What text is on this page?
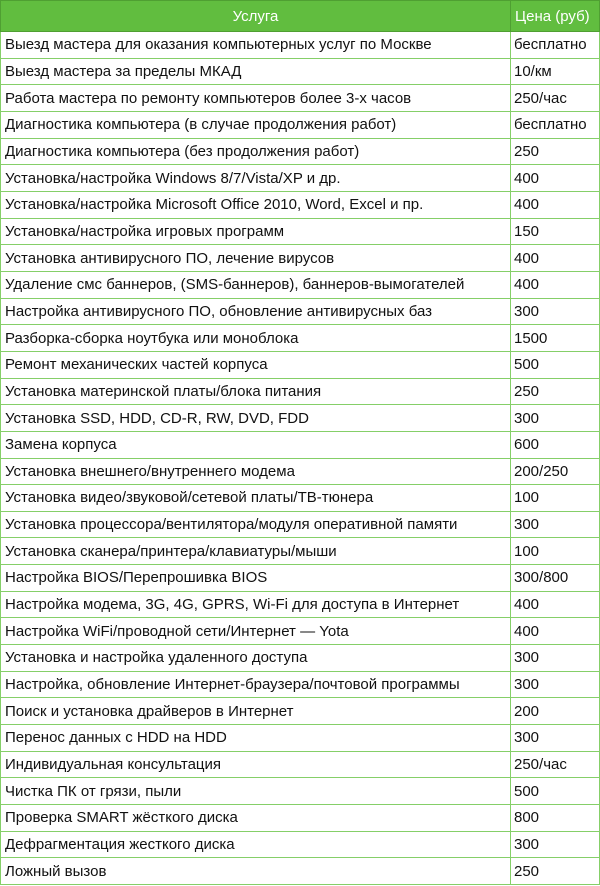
Услуга	Цена (руб)
Выезд мастера для оказания компьютерных услуг по Москве	бесплатно
Выезд мастера за пределы МКАД	10/км
Работа мастера по ремонту компьютеров более 3-х часов	250/час
Диагностика компьютера (в случае продолжения работ)	бесплатно
Диагностика компьютера (без продолжения работ)	250
Установка/настройка Windows 8/7/Vista/XP и др.	400
Установка/настройка Microsoft Office 2010, Word, Excel и пр.	400
Установка/настройка игровых программ	150
Установка антивирусного ПО, лечение вирусов	400
Удаление смс баннеров, (SMS-баннеров), баннеров-вымогателей	400
Настройка антивирусного ПО, обновление антивирусных баз	300
Разборка-сборка ноутбука или моноблока	1500
Ремонт механических частей корпуса	500
Установка материнской платы/блока питания	250
Установка SSD, HDD, CD-R, RW, DVD, FDD	300
Замена корпуса	600
Установка внешнего/внутреннего модема	200/250
Установка видео/звуковой/сетевой платы/ТВ-тюнера	100
Установка процессора/вентилятора/модуля оперативной памяти	300
Установка сканера/принтера/клавиатуры/мыши	100
Настройка BIOS/Перепрошивка BIOS	300/800
Настройка модема, 3G, 4G, GPRS, Wi-Fi для доступа в Интернет	400
Настройка WiFi/проводной сети/Интернет — Yota	400
Установка и настройка удаленного доступа	300
Настройка, обновление Интернет-браузера/почтовой программы	300
Поиск и установка драйверов в Интернет	200
Перенос данных с HDD на HDD	300
Индивидуальная консультация	250/час
Чистка ПК от грязи, пыли	500
Проверка SMART жёсткого диска	800
Дефрагментация жесткого диска	300
Ложный вызов	250
